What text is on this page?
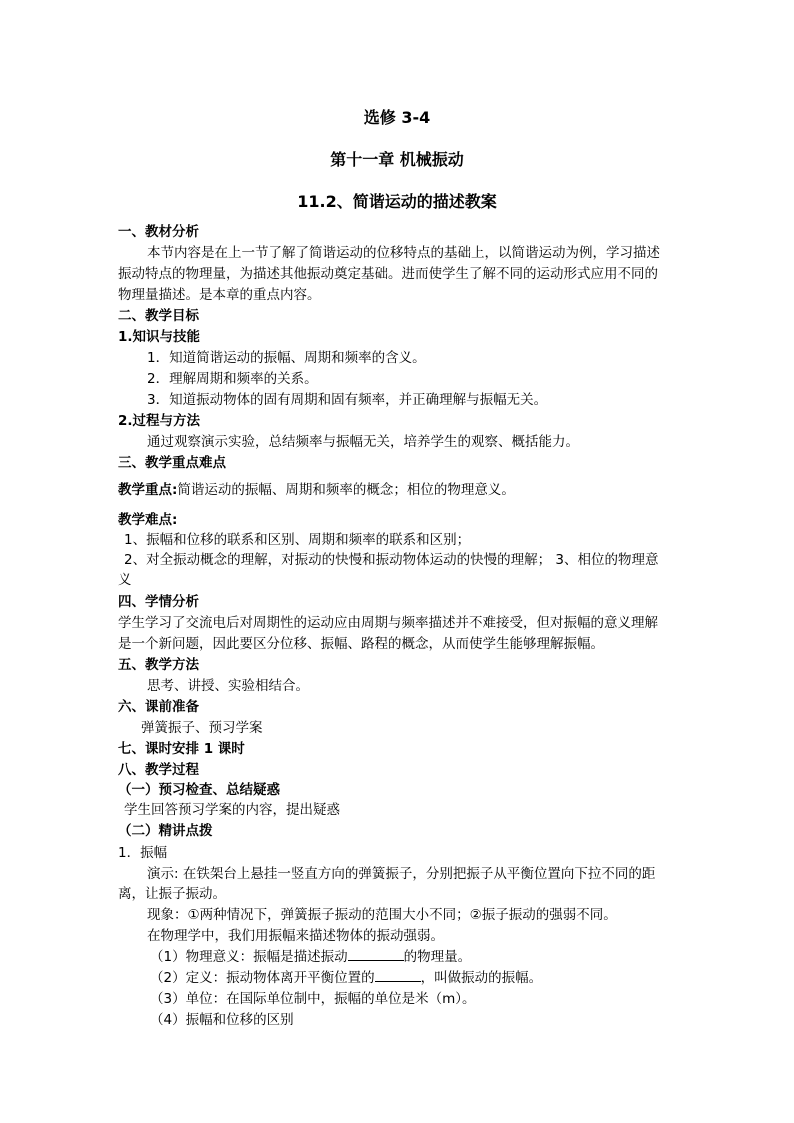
选修 3-4
第十一章 机械振动
11.2、简谐运动的描述教案
一、教材分析
本节内容是在上一节了解了简谐运动的位移特点的基础上，以简谐运动为例，学习描述
振动特点的物理量，为描述其他振动奠定基础。进而使学生了解不同的运动形式应用不同的
物理量描述。是本章的重点内容。
二、教学目标
1.知识与技能
1．知道简谐运动的振幅、周期和频率的含义。
2．理解周期和频率的关系。
3．知道振动物体的固有周期和固有频率，并正确理解与振幅无关。
2.过程与方法
通过观察演示实验，总结频率与振幅无关，培养学生的观察、概括能力。
三、教学重点难点
教学重点:简谐运动的振幅、周期和频率的概念；相位的物理意义。
教学难点:
1、振幅和位移的联系和区别、周期和频率的联系和区别；
2、对全振动概念的理解，对振动的快慢和振动物体运动的快慢的理解； 3、相位的物理意
义
四、学情分析
学生学习了交流电后对周期性的运动应由周期与频率描述并不难接受，但对振幅的意义理解
是一个新问题，因此要区分位移、振幅、路程的概念，从而使学生能够理解振幅。
五、教学方法
思考、讲授、实验相结合。
六、课前准备
弹簧振子、预习学案
七、课时安排 1 课时
八、教学过程
（一）预习检查、总结疑惑
学生回答预习学案的内容，提出疑惑
（二）精讲点拨
1．振幅
演示: 在铁架台上悬挂一竖直方向的弹簧振子，分别把振子从平衡位置向下拉不同的距
离，让振子振动。
现象：①两种情况下，弹簧振子振动的范围大小不同；②振子振动的强弱不同。
在物理学中，我们用振幅来描述物体的振动强弱。
（1）物理意义：振幅是描述振动	的物理量。
（2）定义：振动物体离开平衡位置的	，叫做振动的振幅。
（3）单位：在国际单位制中，振幅的单位是米（m）。
（4）振幅和位移的区别
